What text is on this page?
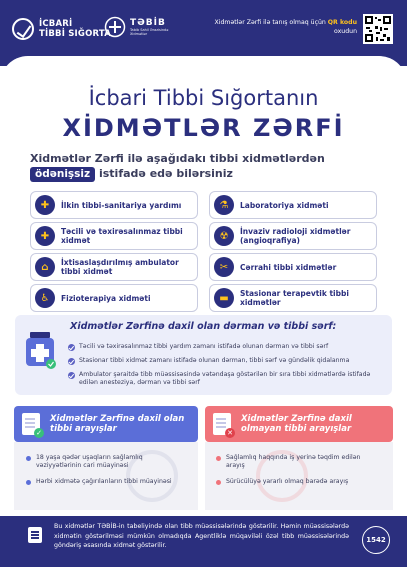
İCBARİ
TİBBİ SIĞORTA
TƏBİB
Tabib Sahil Ərazisində Xidmətlər
Xidmətlər Zərfi ilə tanış olmaq üçün QR kodu oxudun
İcbari Tibbi Sığortanın
XİDMƏTLƏR ZƏRFİ
Xidmətlər Zərfi ilə aşağıdakı tibbi xidmətlərdən ödənişsiz istifadə edə bilərsiniz
✚	İlkin tibbi-sanitariya yardımı	⚗	Laboratoriya xidməti
✚	Təcili və təxirəsalınmaz tibbi xidmət	☢	İnvaziv radioloji xidmətlər (angioqrafiya)
⌂	İxtisaslaşdırılmış ambulator tibbi xidmət	✂	Cərrahi tibbi xidmətlər
♿	Fizioterapiya xidməti	▬	Stasionar terapevtik tibbi xidmətlər
Xidmətlər Zərfinə daxil olan dərman və tibbi sərf:
Təcili və təxirəsalınmaz tibbi yardım zamanı istifadə olunan dərman və tibbi sərf
Stasionar tibbi xidmət zamanı istifadə olunan dərman, tibbi sərf və gündəlik qidalanma
Ambulator şəraitdə tibb müəssisəsində vətəndaşa göstərilən bir sıra tibbi xidmətlərdə istifadə edilən anesteziya, dərman və tibbi sərf
✓
Xidmətlər Zərfinə daxil olan tibbi arayışlar
18 yaşa qədər uşaqların sağlamlıq vəziyyətlərinin cari müayinəsi
Hərbi xidmətə çağırılanların tibbi müayinəsi
✕
Xidmətlər Zərfinə daxil olmayan tibbi arayışlar
Sağlamlıq haqqında iş yerinə təqdim edilən arayış
Sürücülüyə yararlı olmaq barədə arayış
Bu xidmətlər TƏBİB-in tabeliyində olan tibb müəssisələrində göstərilir. Həmin müəssisələrdə xidmətin göstərilməsi mümkün olmadıqda Agentliklə müqaviləli özəl tibb müəssisələrində göndəriş əsasında xidmət göstərilir.
1542
